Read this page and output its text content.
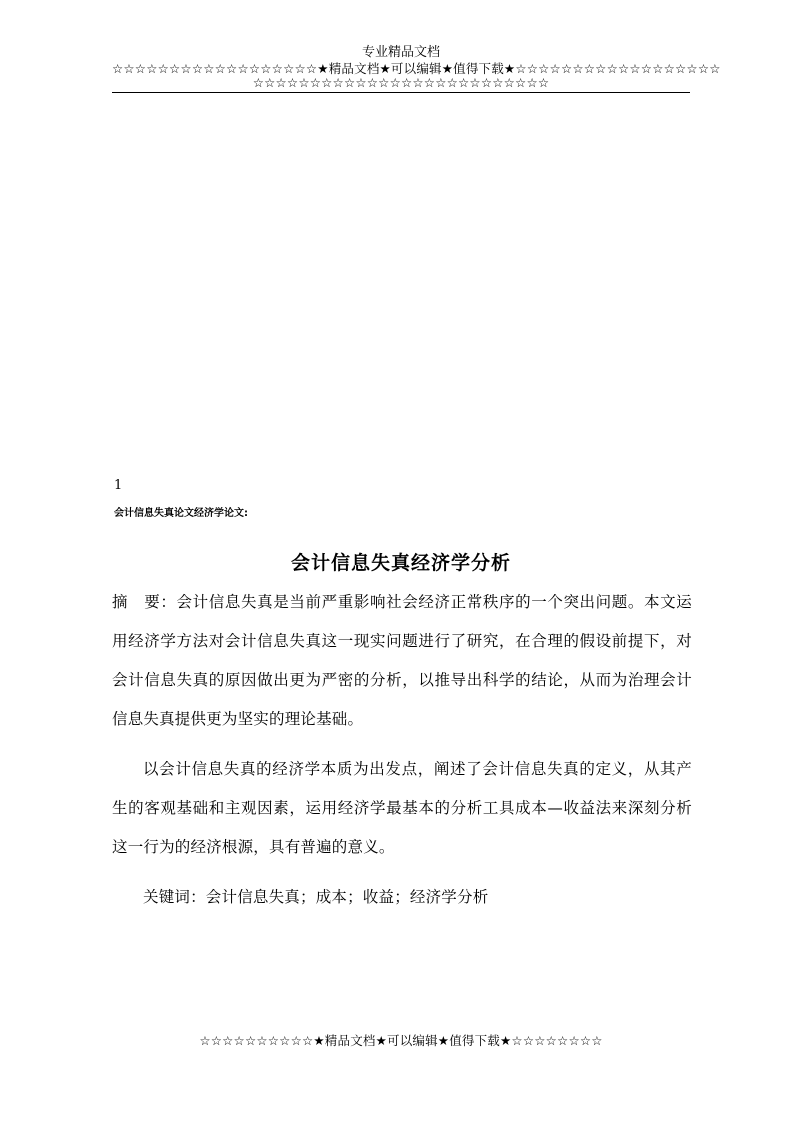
专业精品文档
☆☆☆☆☆☆☆☆☆☆☆☆☆☆☆☆☆☆★精品文档★可以编辑★值得下载★☆☆☆☆☆☆☆☆☆☆☆☆☆☆☆☆☆☆
☆☆☆☆☆☆☆☆☆☆☆☆☆☆☆☆☆☆☆☆☆☆☆☆☆☆
1
会计信息失真论文经济学论文:
会计信息失真经济学分析

摘　要：会计信息失真是当前严重影响社会经济正常秩序的一个突出问题。本文运用经济学方法对会计信息失真这一现实问题进行了研究，在合理的假设前提下，对会计信息失真的原因做出更为严密的分析，以推导出科学的结论，从而为治理会计信息失真提供更为坚实的理论基础。

以会计信息失真的经济学本质为出发点，阐述了会计信息失真的定义，从其产生的客观基础和主观因素，运用经济学最基本的分析工具成本—收益法来深刻分析这一行为的经济根源，具有普遍的意义。

关键词：会计信息失真；成本；收益；经济学分析

☆☆☆☆☆☆☆☆☆☆★精品文档★可以编辑★值得下载★☆☆☆☆☆☆☆☆
